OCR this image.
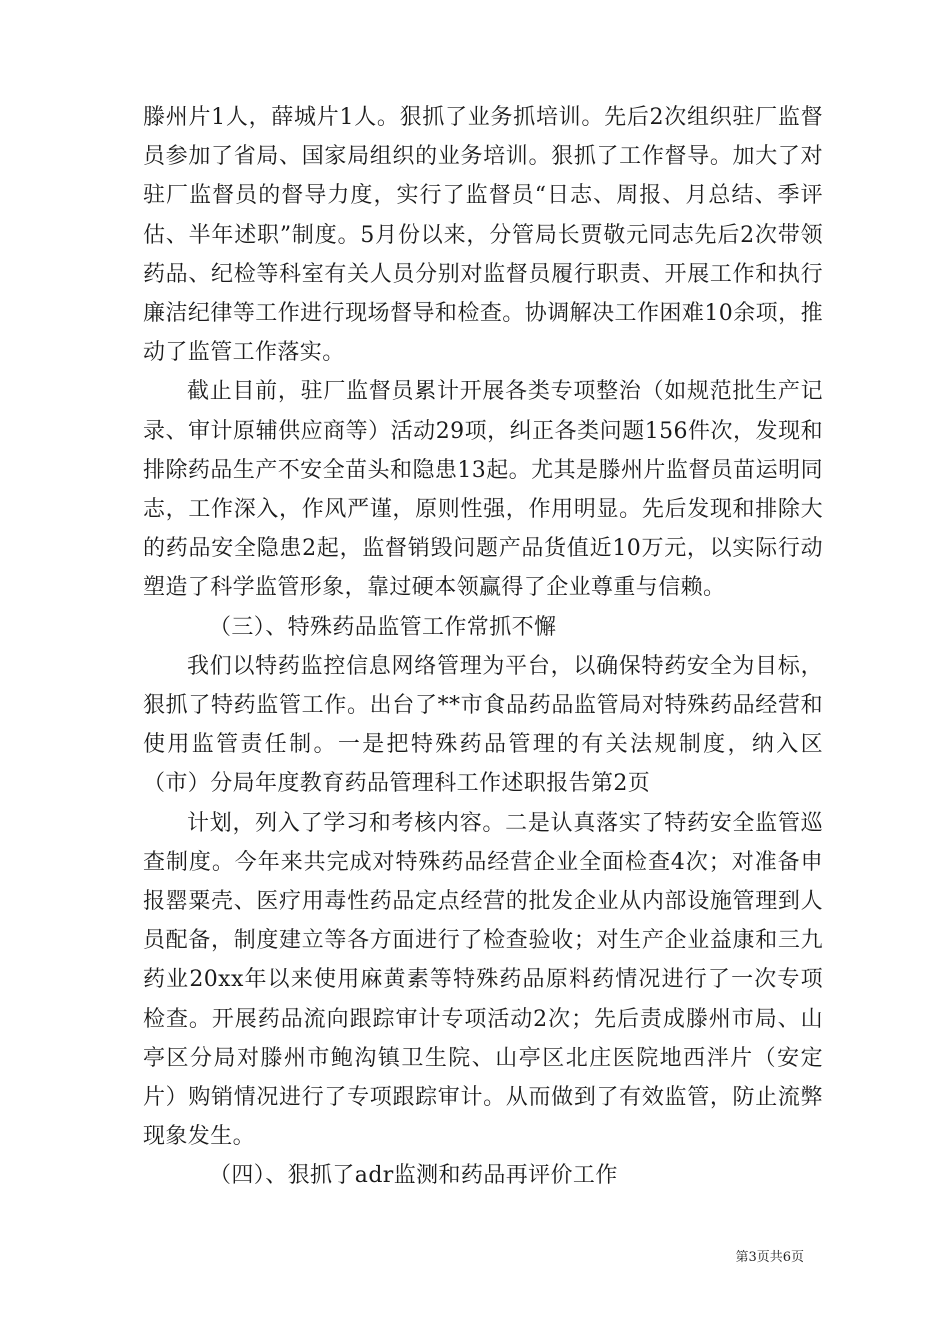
滕州片1人，薛城片1人。狠抓了业务抓培训。先后2次组织驻厂监督员参加了省局、国家局组织的业务培训。狠抓了工作督导。加大了对驻厂监督员的督导力度，实行了监督员“日志、周报、月总结、季评估、半年述职”制度。5月份以来，分管局长贾敬元同志先后2次带领药品、纪检等科室有关人员分别对监督员履行职责、开展工作和执行廉洁纪律等工作进行现场督导和检查。协调解决工作困难10余项，推动了监管工作落实。

截止目前，驻厂监督员累计开展各类专项整治（如规范批生产记录、审计原辅供应商等）活动29项，纠正各类问题156件次，发现和排除药品生产不安全苗头和隐患13起。尤其是滕州片监督员苗运明同志，工作深入，作风严谨，原则性强，作用明显。先后发现和排除大的药品安全隐患2起，监督销毁问题产品货值近10万元，以实际行动塑造了科学监管形象，靠过硬本领赢得了企业尊重与信赖。

（三）、特殊药品监管工作常抓不懈

我们以特药监控信息网络管理为平台，以确保特药安全为目标，狠抓了特药监管工作。出台了**市食品药品监管局对特殊药品经营和使用监管责任制。一是把特殊药品管理的有关法规制度，纳入区（市）分局年度教育药品管理科工作述职报告第2页

计划，列入了学习和考核内容。二是认真落实了特药安全监管巡查制度。今年来共完成对特殊药品经营企业全面检查4次；对准备申报罂粟壳、医疗用毒性药品定点经营的批发企业从内部设施管理到人员配备，制度建立等各方面进行了检查验收；对生产企业益康和三九药业20xx年以来使用麻黄素等特殊药品原料药情况进行了一次专项检查。开展药品流向跟踪审计专项活动2次；先后责成滕州市局、山亭区分局对滕州市鲍沟镇卫生院、山亭区北庄医院地西泮片（安定片）购销情况进行了专项跟踪审计。从而做到了有效监管，防止流弊现象发生。

（四）、狠抓了adr监测和药品再评价工作

第3页共6页
